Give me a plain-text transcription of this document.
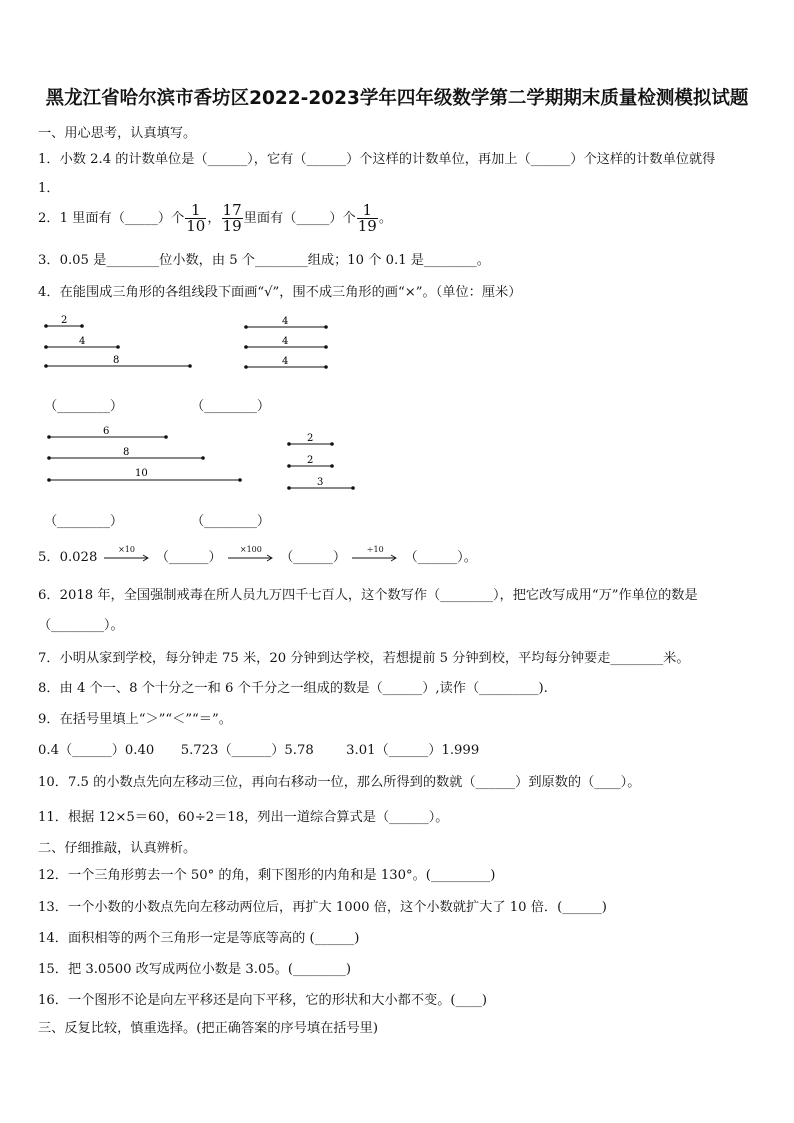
黑龙江省哈尔滨市香坊区2022-2023学年四年级数学第二学期期末质量检测模拟试题
一、用心思考，认真填写。
1．小数 2.4 的计数单位是（______），它有（______）个这样的计数单位，再加上（______）个这样的计数单位就得
1．
2．1 里面有（_____）个 $\frac{1}{10}$ ， $\frac{17}{19}$ 里面有（_____）个 $\frac{1}{19}$ 。
3．0.05 是________位小数，由 5 个________组成；10 个 0.1 是________。
4．在能围成三角形的各组线段下面画“√”，围不成三角形的画“×”。（单位：厘米）
2
4
8
4
4
4
6
8
10
2
2
3
（________）	（________）
（________）	（________）
5．0.028
×10
（______）
×100
（______）
÷10
（______）。
6．2018 年，全国强制戒毒在所人员九万四千七百人，这个数写作（________），把它改写成用“万”作单位的数是
（________）。
7．小明从家到学校，每分钟走 75 米，20 分钟到达学校，若想提前 5 分钟到校，平均每分钟要走________米。
8．由 4 个一、8 个十分之一和 6 个千分之一组成的数是（______）,读作（_________).
9．在括号里填上“＞”“＜”“＝”。
0.4（______）0.40 5.723（______）5.78 3.01（______）1.999
10．7.5 的小数点先向左移动三位，再向右移动一位，那么所得到的数就（______）到原数的（____）。
11．根据 12×5＝60，60÷2＝18，列出一道综合算式是（______）。
二、仔细推敲，认真辨析。
12．一个三角形剪去一个 50° 的角，剩下图形的内角和是 130°。(_________)
13．一个小数的小数点先向左移动两位后，再扩大 1000 倍，这个小数就扩大了 10 倍．(______)
14．面积相等的两个三角形一定是等底等高的 (______)
15．把 3.0500 改写成两位小数是 3.05。(________)
16．一个图形不论是向左平移还是向下平移，它的形状和大小都不变。(____)
三、反复比较，慎重选择。(把正确答案的序号填在括号里)
